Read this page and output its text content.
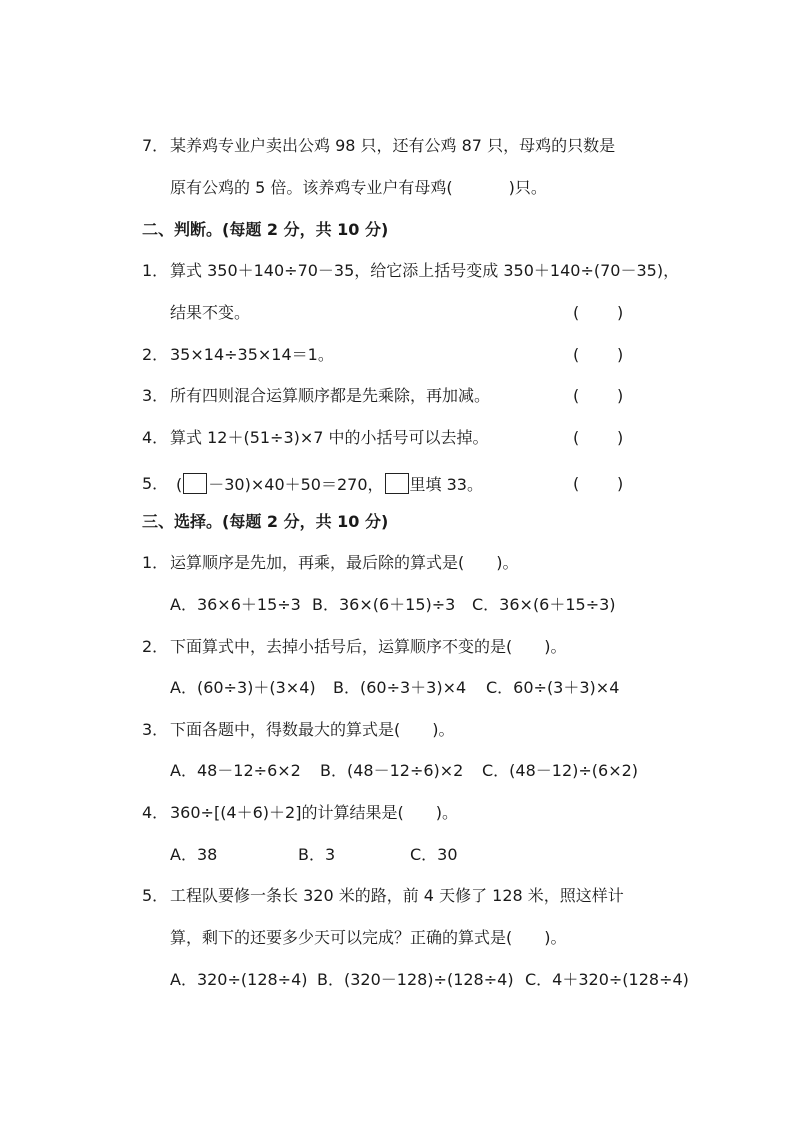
7． 某养鸡专业户卖出公鸡 98 只，还有公鸡 87 只，母鸡的只数是
原有公鸡的 5 倍。该养鸡专业户有母鸡(	)只。
二、判断。(每题 2 分，共 10 分)
1． 算式 350＋140÷70－35，给它添上括号变成 350＋140÷(70－35)，
结果不变。	( )
2． 35×14÷35×14＝1。	( )
3． 所有四则混合运算顺序都是先乘除，再加减。	( )
4． 算式 12＋(51÷3)×7 中的小括号可以去掉。	( )
5． ( －30)×40＋50＝270， 里填 33。	( )
三、选择。(每题 2 分，共 10 分)
1． 运算顺序是先加，再乘，最后除的算式是(　　)。
A．36×6＋15÷3 B．36×(6＋15)÷3 C．36×(6＋15÷3)
2． 下面算式中，去掉小括号后，运算顺序不变的是(　　)。
A．(60÷3)＋(3×4) B．(60÷3＋3)×4 C．60÷(3＋3)×4
3． 下面各题中，得数最大的算式是(　　)。
A．48－12÷6×2 B．(48－12÷6)×2 C．(48－12)÷(6×2)
4． 360÷[(4＋6)＋2]的计算结果是(　　)。
A．38	B．3	C．30
5． 工程队要修一条长 320 米的路，前 4 天修了 128 米，照这样计
算，剩下的还要多少天可以完成？正确的算式是(　　)。
A．320÷(128÷4) B．(320－128)÷(128÷4) C．4＋320÷(128÷4)
